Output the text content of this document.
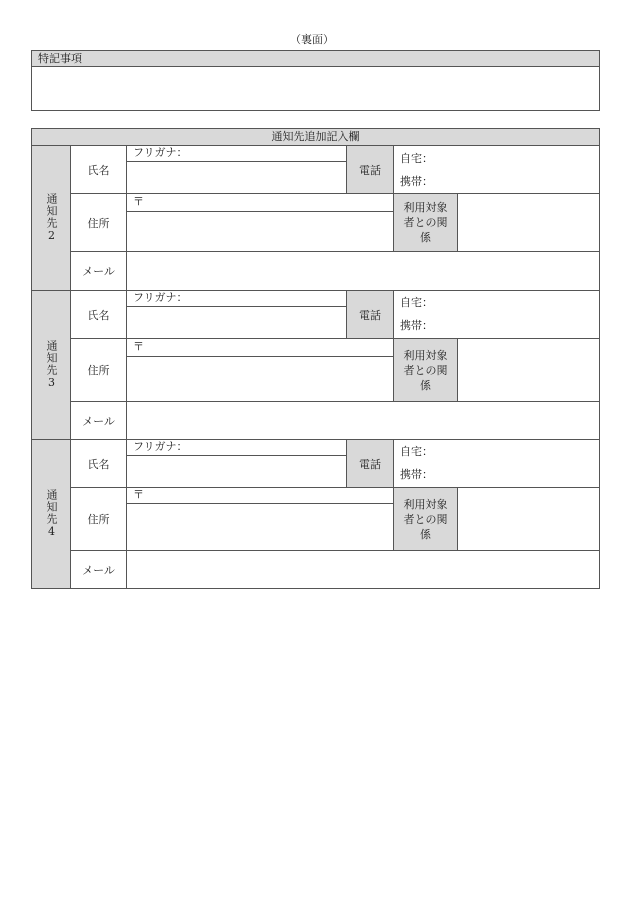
（裏面）
特記事項
通知先追加記入欄
通知先2
氏名
フリガナ：
電話
自宅：
携帯：
住所
〒	利用対象者との関係
メール
通知先3
氏名
フリガナ：
電話
自宅：
携帯：
住所
〒
利用対象者との関係
メール
通知先4
氏名
フリガナ：
電話
自宅：
携帯：
住所
〒
利用対象者との関係
メール
